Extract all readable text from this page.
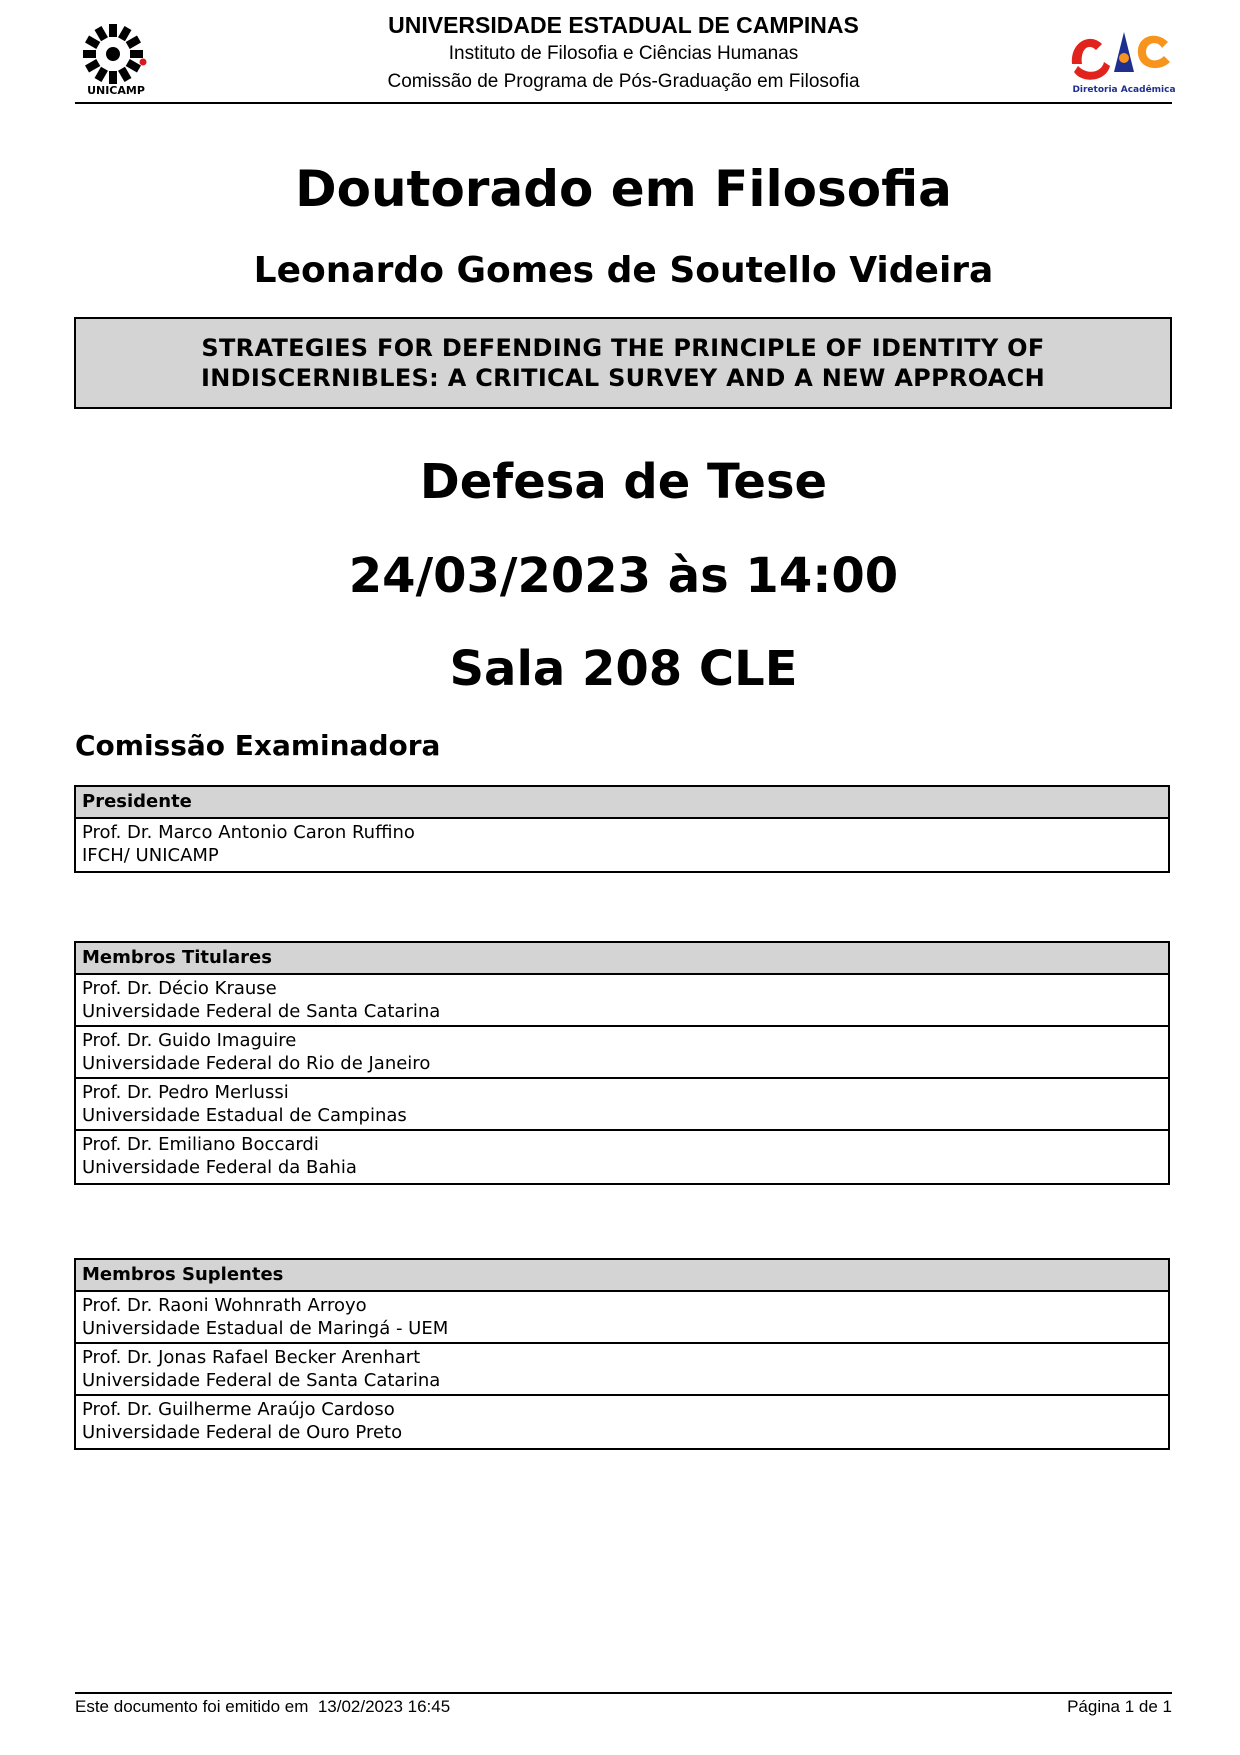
UNICAMP
UNIVERSIDADE ESTADUAL DE CAMPINAS
Instituto de Filosofia e Ciências Humanas
Comissão de Programa de Pós-Graduação em Filosofia	Diretoria Acadêmica
Doutorado em Filosofia
Leonardo Gomes de Soutello Videira
STRATEGIES FOR DEFENDING THE PRINCIPLE OF IDENTITY OF
INDISCERNIBLES: A CRITICAL SURVEY AND A NEW APPROACH
Defesa de Tese
24/03/2023 às 14:00
Sala 208 CLE
Comissão Examinadora
Presidente
Prof. Dr. Marco Antonio Caron Ruffino
IFCH/ UNICAMP
Membros Titulares
Prof. Dr. Décio Krause
Universidade Federal de Santa Catarina
Prof. Dr. Guido Imaguire
Universidade Federal do Rio de Janeiro
Prof. Dr. Pedro Merlussi
Universidade Estadual de Campinas
Prof. Dr. Emiliano Boccardi
Universidade Federal da Bahia
Membros Suplentes
Prof. Dr. Raoni Wohnrath Arroyo
Universidade Estadual de Maringá - UEM
Prof. Dr. Jonas Rafael Becker Arenhart
Universidade Federal de Santa Catarina
Prof. Dr. Guilherme Araújo Cardoso
Universidade Federal de Ouro Preto
Este documento foi emitido em  13/02/2023 16:45	Página 1 de 1
